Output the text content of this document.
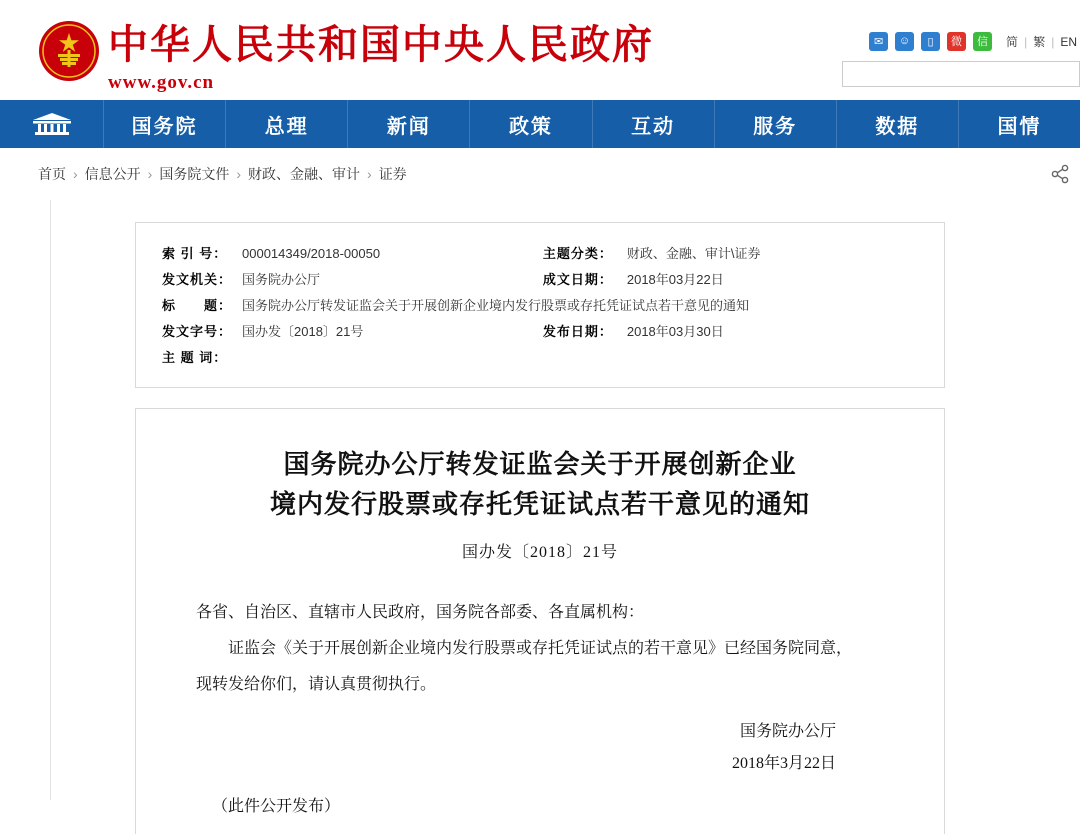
中华人民共和国中央人民政府
www.gov.cn
✉	☺	▯	微	信	简 | 繁 | EN
国务院	总理	新闻	政策	互动	服务	数据	国情
首页 › 信息公开 › 国务院文件 › 财政、金融、审计 › 证券
索 引 号：	000014349/2018-00050	主题分类：	财政、金融、审计\证券
发文机关：	国务院办公厅	成文日期：	2018年03月22日
标　　题：	国务院办公厅转发证监会关于开展创新企业境内发行股票或存托凭证试点若干意见的通知		
发文字号：	国办发〔2018〕21号	发布日期：	2018年03月30日
主 题 词：			
国务院办公厅转发证监会关于开展创新企业
境内发行股票或存托凭证试点若干意见的通知
国办发〔2018〕21号

各省、自治区、直辖市人民政府，国务院各部委、各直属机构：

证监会《关于开展创新企业境内发行股票或存托凭证试点的若干意见》已经国务院同意，

现转发给你们，请认真贯彻执行。

国务院办公厅
2018年3月22日
（此件公开发布）
